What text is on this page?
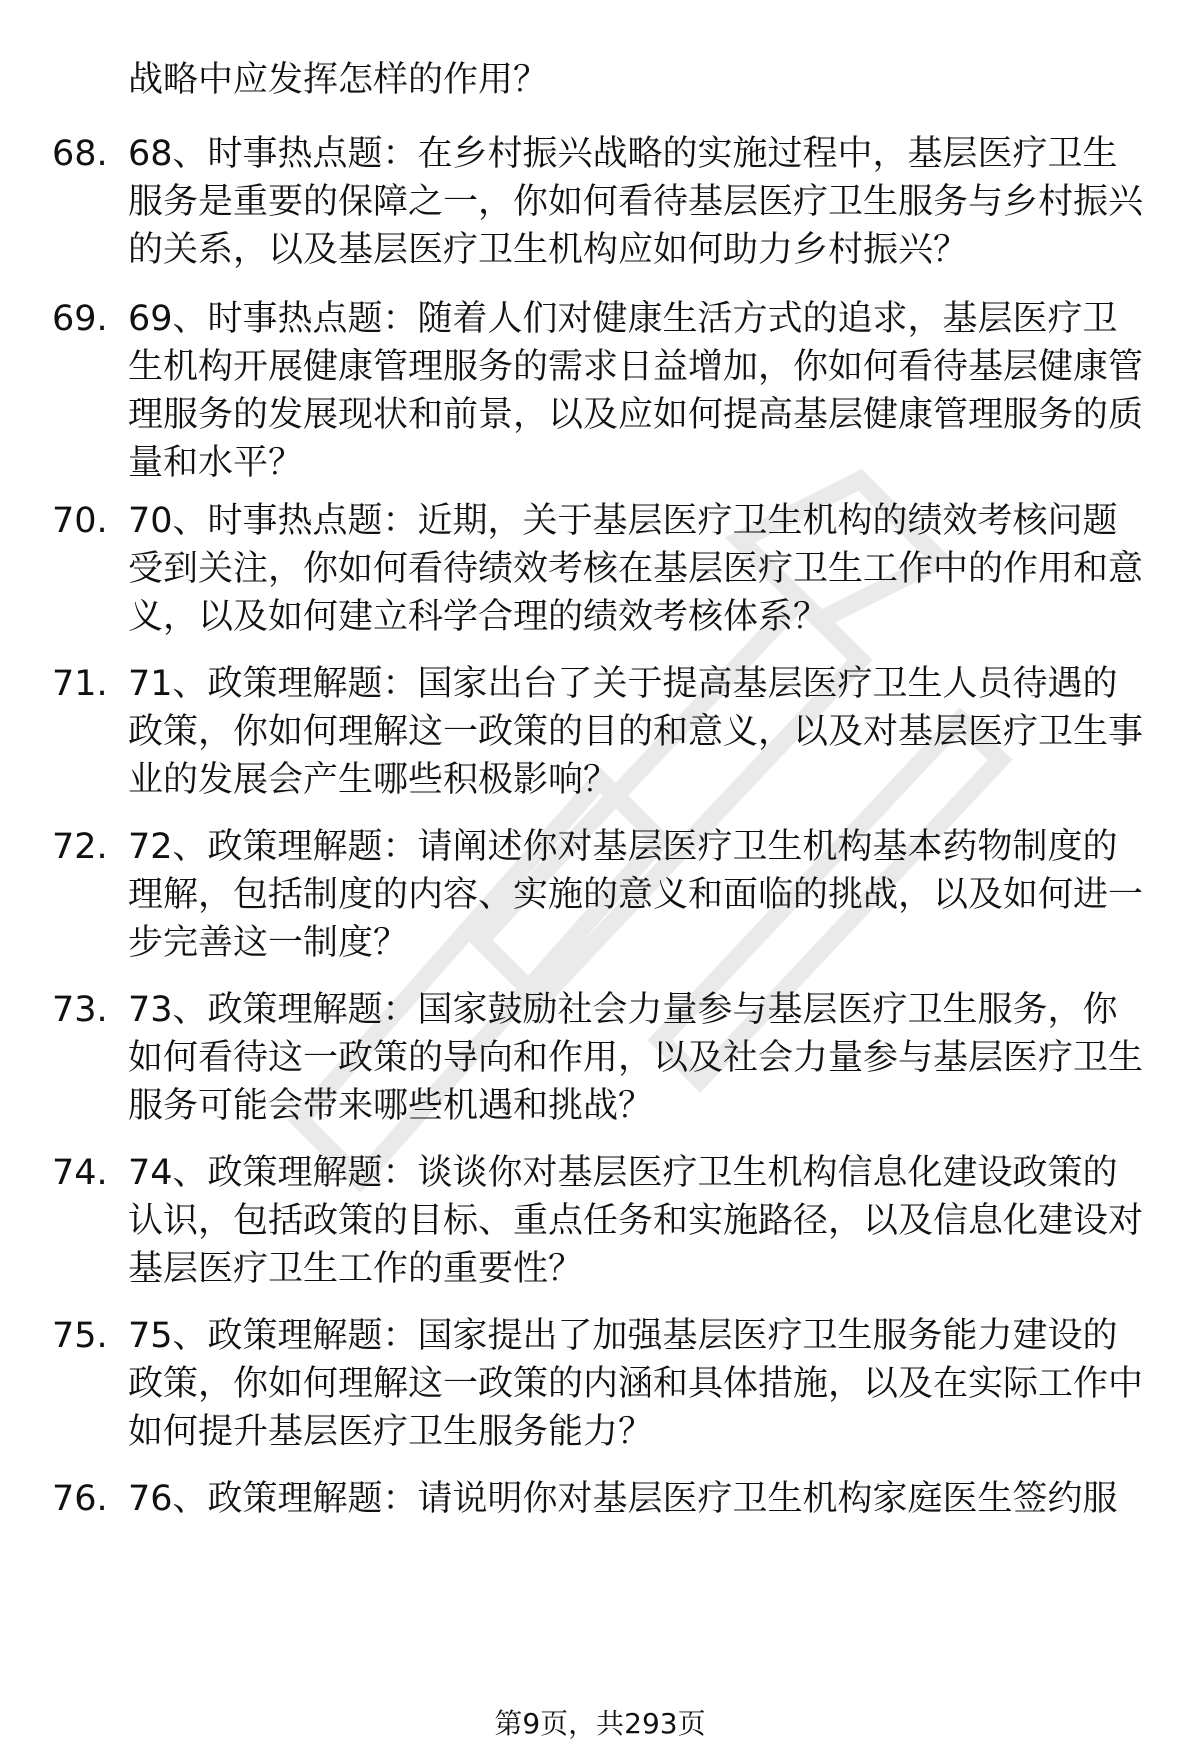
战略中应发挥怎样的作用？

68. 68、时事热点题：在乡村振兴战略的实施过程中，基层医疗卫生服务是重要的保障之一，你如何看待基层医疗卫生服务与乡村振兴的关系，以及基层医疗卫生机构应如何助力乡村振兴？

69. 69、时事热点题：随着人们对健康生活方式的追求，基层医疗卫生机构开展健康管理服务的需求日益增加，你如何看待基层健康管理服务的发展现状和前景，以及应如何提高基层健康管理服务的质量和水平？

70. 70、时事热点题：近期，关于基层医疗卫生机构的绩效考核问题受到关注，你如何看待绩效考核在基层医疗卫生工作中的作用和意义，以及如何建立科学合理的绩效考核体系？

71. 71、政策理解题：国家出台了关于提高基层医疗卫生人员待遇的政策，你如何理解这一政策的目的和意义，以及对基层医疗卫生事业的发展会产生哪些积极影响？

72. 72、政策理解题：请阐述你对基层医疗卫生机构基本药物制度的理解，包括制度的内容、实施的意义和面临的挑战，以及如何进一步完善这一制度？

73. 73、政策理解题：国家鼓励社会力量参与基层医疗卫生服务，你如何看待这一政策的导向和作用，以及社会力量参与基层医疗卫生服务可能会带来哪些机遇和挑战？

74. 74、政策理解题：谈谈你对基层医疗卫生机构信息化建设政策的认识，包括政策的目标、重点任务和实施路径，以及信息化建设对基层医疗卫生工作的重要性？

75. 75、政策理解题：国家提出了加强基层医疗卫生服务能力建设的政策，你如何理解这一政策的内涵和具体措施，以及在实际工作中如何提升基层医疗卫生服务能力？

76. 76、政策理解题：请说明你对基层医疗卫生机构家庭医生签约服

第9页，共293页
